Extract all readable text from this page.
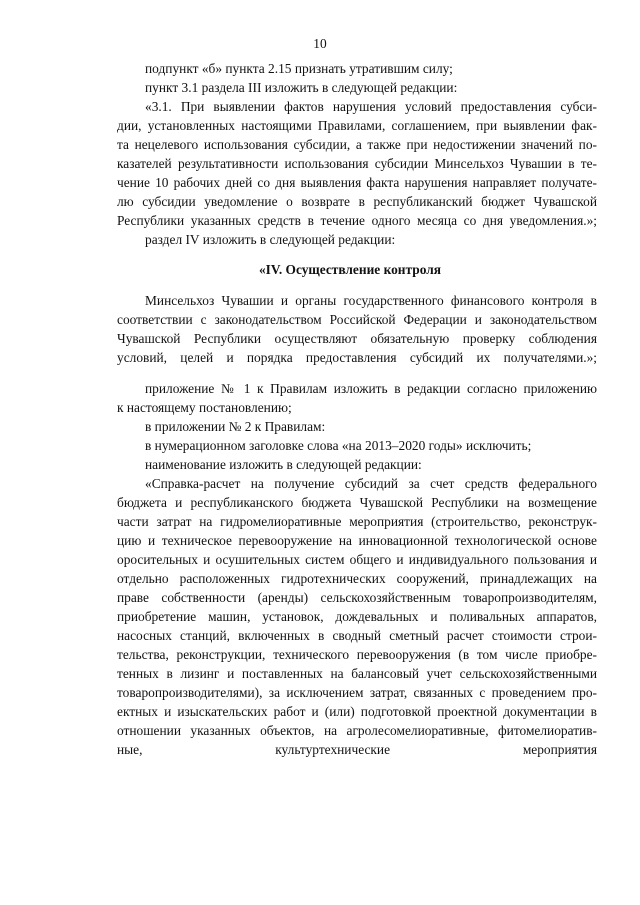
10
подпункт «б» пункта 2.15 признать утратившим силу;
пункт 3.1 раздела III изложить в следующей редакции:
«3.1. При выявлении фактов нарушения условий предоставления субси-
дии, установленных настоящими Правилами, соглашением, при выявлении фак-
та нецелевого использования субсидии, а также при недостижении значений по-
казателей результативности использования субсидии Минсельхоз Чувашии в те-
чение 10 рабочих дней со дня выявления факта нарушения направляет получате-
лю субсидии уведомление о возврате в республиканский бюджет Чувашской
Республики указанных средств в течение одного месяца со дня уведомления.»;
раздел IV изложить в следующей редакции:
«IV. Осуществление контроля
Минсельхоз Чувашии и органы государственного финансового контроля в
соответствии с законодательством Российской Федерации и законодательством
Чувашской Республики осуществляют обязательную проверку соблюдения
условий, целей и порядка предоставления субсидий их получателями.»;
приложение № 1 к Правилам изложить в редакции согласно приложению
к настоящему постановлению;
в приложении № 2 к Правилам:
в нумерационном заголовке слова «на 2013–2020 годы» исключить;
наименование изложить в следующей редакции:
«Справка-расчет на получение субсидий за счет средств федерального
бюджета и республиканского бюджета Чувашской Республики на возмещение
части затрат на гидромелиоративные мероприятия (строительство, реконструк-
цию и техническое перевооружение на инновационной технологической основе
оросительных и осушительных систем общего и индивидуального пользования и
отдельно расположенных гидротехнических сооружений, принадлежащих на
праве собственности (аренды) сельскохозяйственным товаропроизводителям,
приобретение машин, установок, дождевальных и поливальных аппаратов,
насосных станций, включенных в сводный сметный расчет стоимости строи-
тельства, реконструкции, технического перевооружения (в том числе приобре-
тенных в лизинг и поставленных на балансовый учет сельскохозяйственными
товаропроизводителями), за исключением затрат, связанных с проведением про-
ектных и изыскательских работ и (или) подготовкой проектной документации в
отношении указанных объектов, на агролесомелиоративные, фитомелиоратив-
ные, культуртехнические мероприятия
